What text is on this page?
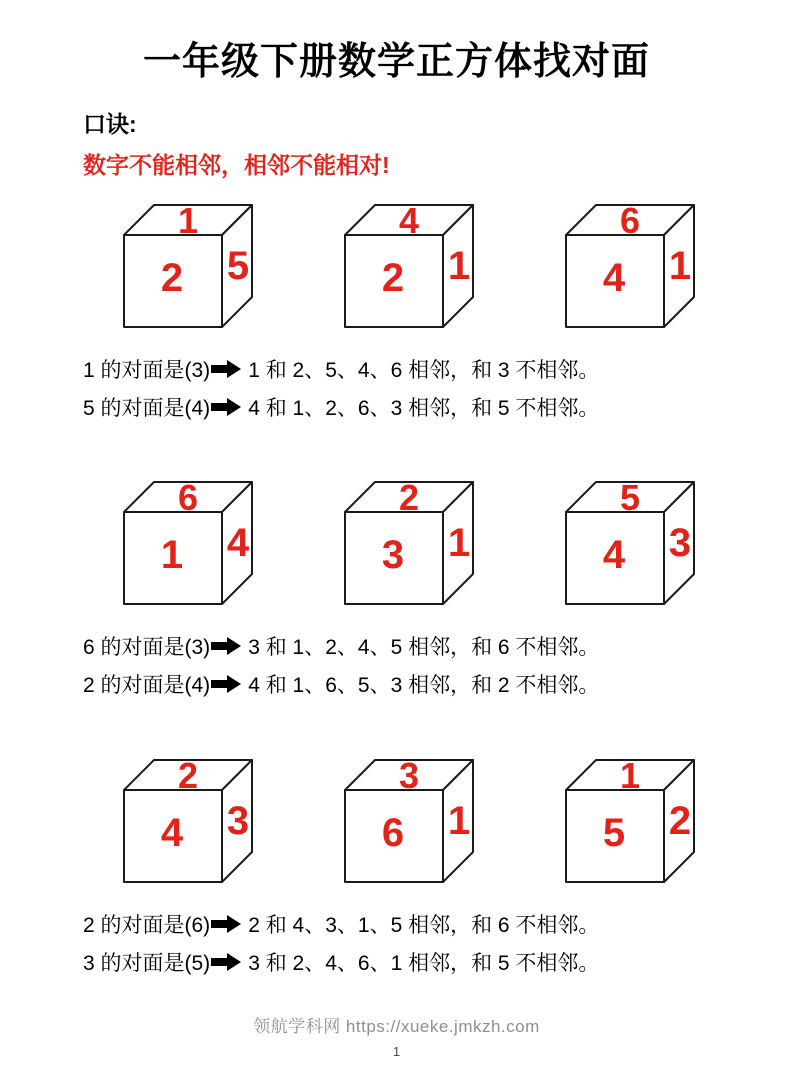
一年级下册数学正方体找对面
口诀:
数字不能相邻，相邻不能相对!
1
2 5
4
2 1
6
4 1

1 的对面是(3) 1 和 2、5、4、6 相邻，和 3 不相邻。

5 的对面是(4) 4 和 1、2、6、3 相邻，和 5 不相邻。

6
1 4
2
3 1
5
4 3

6 的对面是(3) 3 和 1、2、4、5 相邻，和 6 不相邻。

2 的对面是(4) 4 和 1、6、5、3 相邻，和 2 不相邻。

2
4 3
3
6 1
1
5 2

2 的对面是(6) 2 和 4、3、1、5 相邻，和 6 不相邻。

3 的对面是(5) 3 和 2、4、6、1 相邻，和 5 不相邻。

领航学科网 https://xueke.jmkzh.com
1
